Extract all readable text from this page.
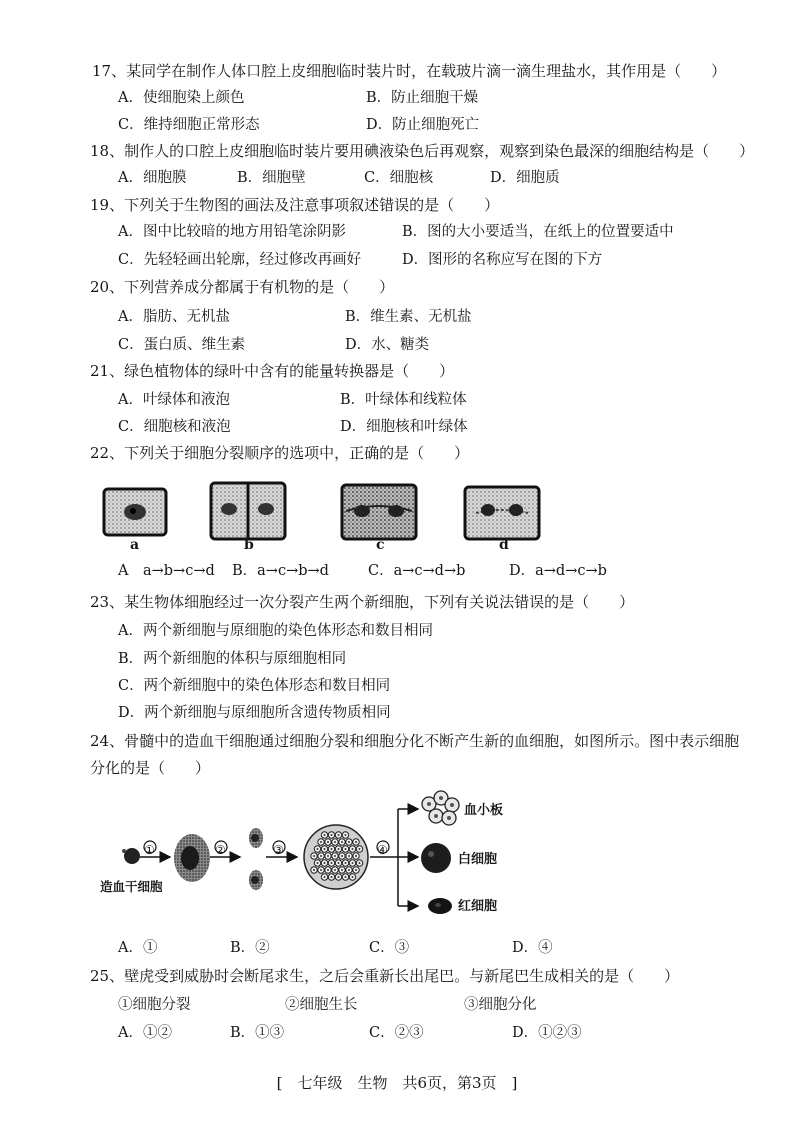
17、某同学在制作人体口腔上皮细胞临时装片时，在载玻片滴一滴生理盐水，其作用是（　　）
A．使细胞染上颜色	B．防止细胞干燥
C．维持细胞正常形态	D．防止细胞死亡
18、制作人的口腔上皮细胞临时装片要用碘液染色后再观察，观察到染色最深的细胞结构是（　　）
A．细胞膜	B．细胞壁	C．细胞核	D．细胞质
19、下列关于生物图的画法及注意事项叙述错误的是（　　）
A．图中比较暗的地方用铅笔涂阴影	B．图的大小要适当，在纸上的位置要适中
C．先轻轻画出轮廓，经过修改再画好	D．图形的名称应写在图的下方
20、下列营养成分都属于有机物的是（　　）
A．脂肪、无机盐	B．维生素、无机盐
C．蛋白质、维生素	D．水、糖类
21、绿色植物体的绿叶中含有的能量转换器是（　　）
A．叶绿体和液泡	B．叶绿体和线粒体
C．细胞核和液泡	D．细胞核和叶绿体
22、下列关于细胞分裂顺序的选项中，正确的是（　　）
a	b	c	d
A　a→b→c→d B．a→c→b→d	C．a→c→d→b	D．a→d→c→b
23、某生物体细胞经过一次分裂产生两个新细胞，下列有关说法错误的是（　　）
A．两个新细胞与原细胞的染色体形态和数目相同
B．两个新细胞的体积与原细胞相同
C．两个新细胞中的染色体形态和数目相同
D．两个新细胞与原细胞所含遗传物质相同
24、骨髓中的造血干细胞通过细胞分裂和细胞分化不断产生新的血细胞，如图所示。图中表示细胞
分化的是（　　）
①	②	③	④
造血干细胞
血小板
白细胞
红细胞
A．①	B．②	C．③	D．④
25、壁虎受到威胁时会断尾求生，之后会重新长出尾巴。与新尾巴生成相关的是（　　）
①细胞分裂	②细胞生长	③细胞分化
A．①②	B．①③	C．②③	D．①②③
[　七年级　生物　共6页，第3页　]
